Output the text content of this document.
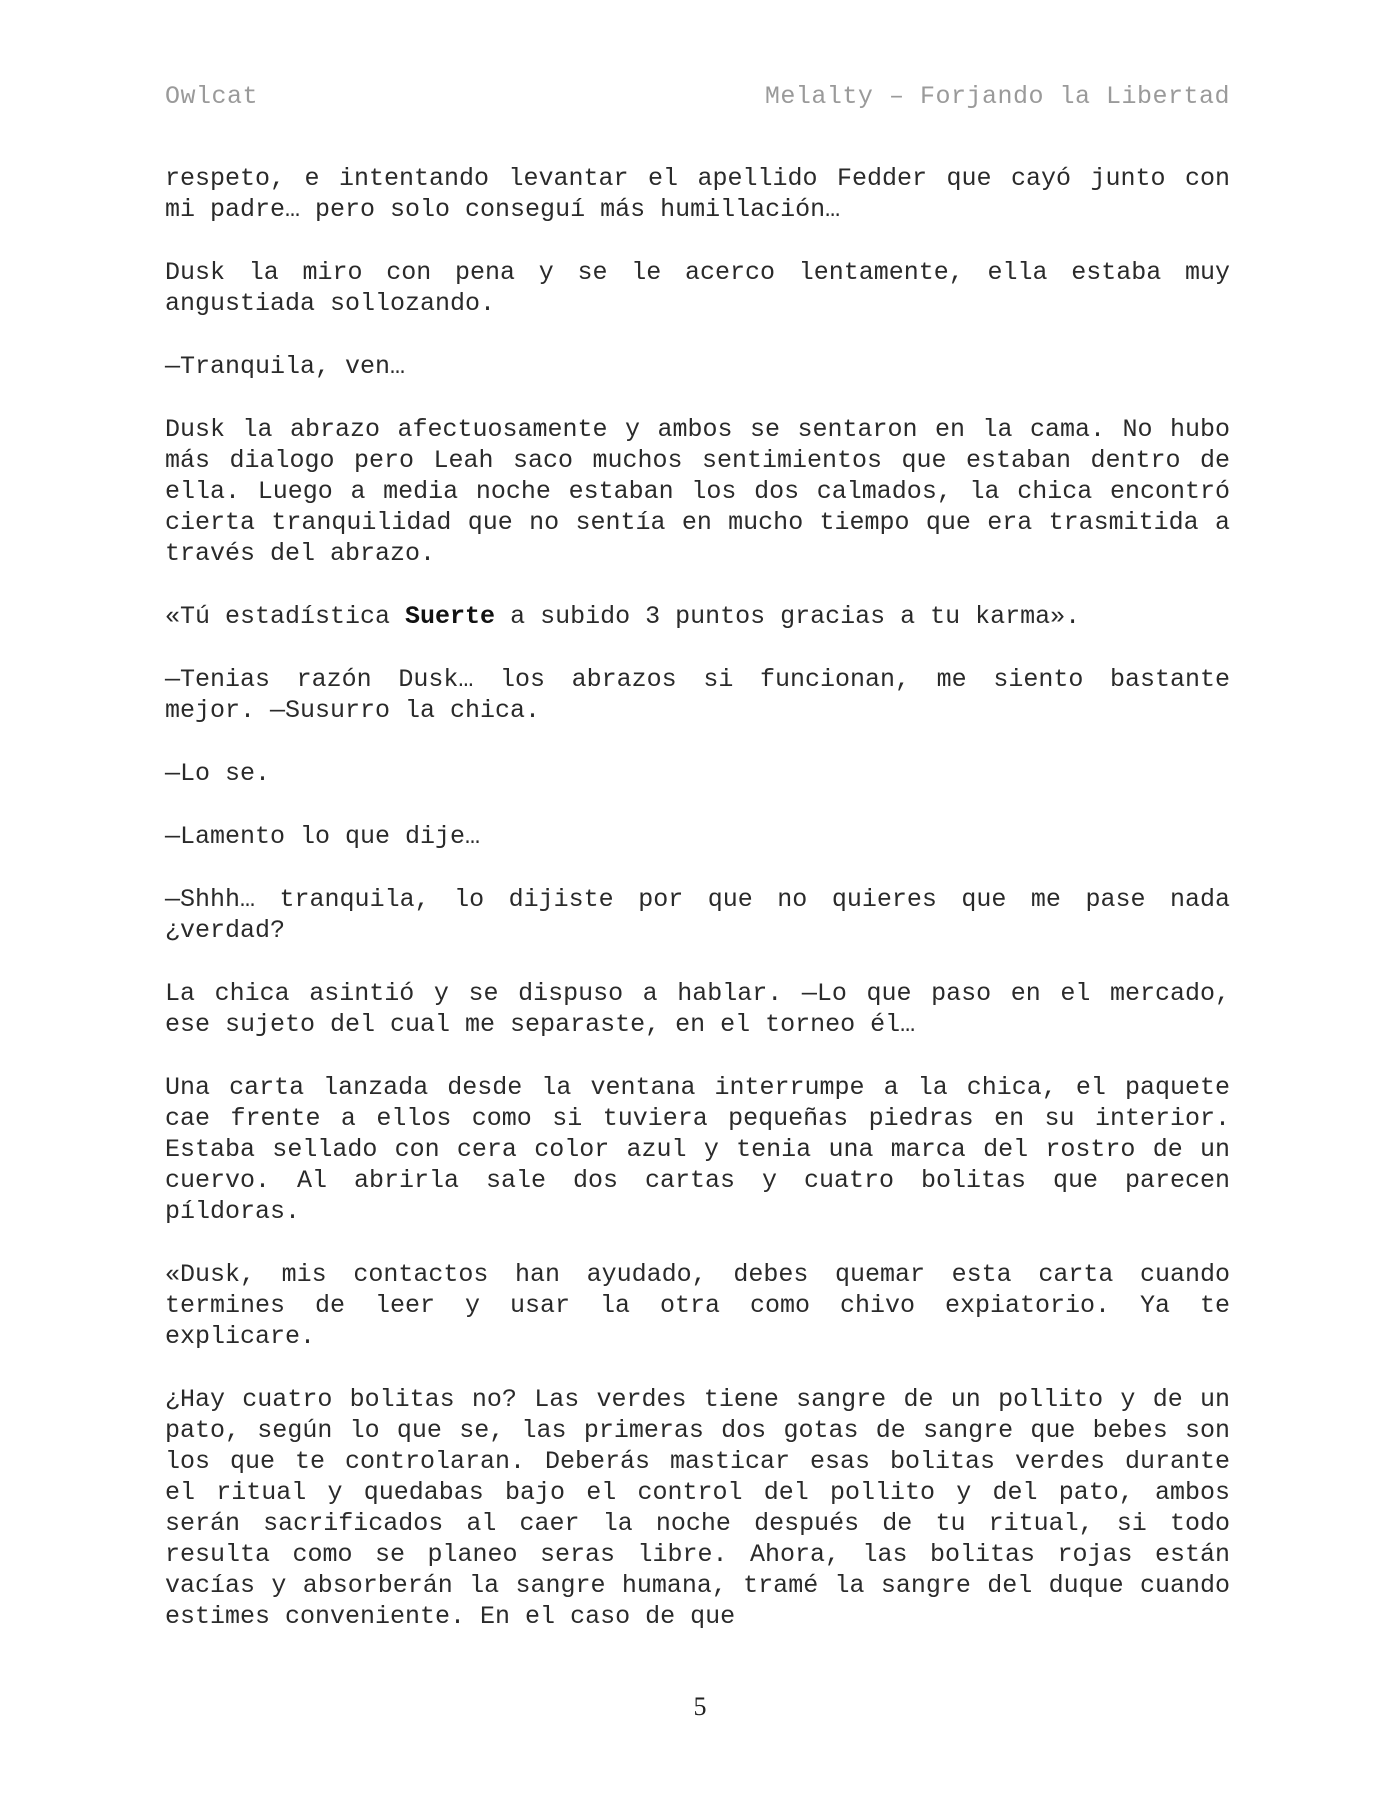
Owlcat	Melalty – Forjando la Libertad

respeto, e intentando levantar el apellido Fedder que cayó junto con mi padre… pero solo conseguí más humillación…

Dusk la miro con pena y se le acerco lentamente, ella estaba muy angustiada sollozando.

—Tranquila, ven…

Dusk la abrazo afectuosamente y ambos se sentaron en la cama. No hubo más dialogo pero Leah saco muchos sentimientos que estaban dentro de ella. Luego a media noche estaban los dos calmados, la chica encontró cierta tranquilidad que no sentía en mucho tiempo que era trasmitida a través del abrazo.

«Tú estadística Suerte a subido 3 puntos gracias a tu karma».

—Tenias razón Dusk… los abrazos si funcionan, me siento bastante mejor. —Susurro la chica.

—Lo se.

—Lamento lo que dije…

—Shhh… tranquila, lo dijiste por que no quieres que me pase nada ¿verdad?

La chica asintió y se dispuso a hablar. —Lo que paso en el mercado, ese sujeto del cual me separaste, en el torneo él…

Una carta lanzada desde la ventana interrumpe a la chica, el paquete cae frente a ellos como si tuviera pequeñas piedras en su interior. Estaba sellado con cera color azul y tenia una marca del rostro de un cuervo. Al abrirla sale dos cartas y cuatro bolitas que parecen píldoras.

«Dusk, mis contactos han ayudado, debes quemar esta carta cuando termines de leer y usar la otra como chivo expiatorio. Ya te explicare.

¿Hay cuatro bolitas no? Las verdes tiene sangre de un pollito y de un pato, según lo que se, las primeras dos gotas de sangre que bebes son los que te controlaran. Deberás masticar esas bolitas verdes durante el ritual y quedabas bajo el control del pollito y del pato, ambos serán sacrificados al caer la noche después de tu ritual, si todo resulta como se planeo seras libre. Ahora, las bolitas rojas están vacías y absorberán la sangre humana, tramé la sangre del duque cuando estimes conveniente. En el caso de que

5
